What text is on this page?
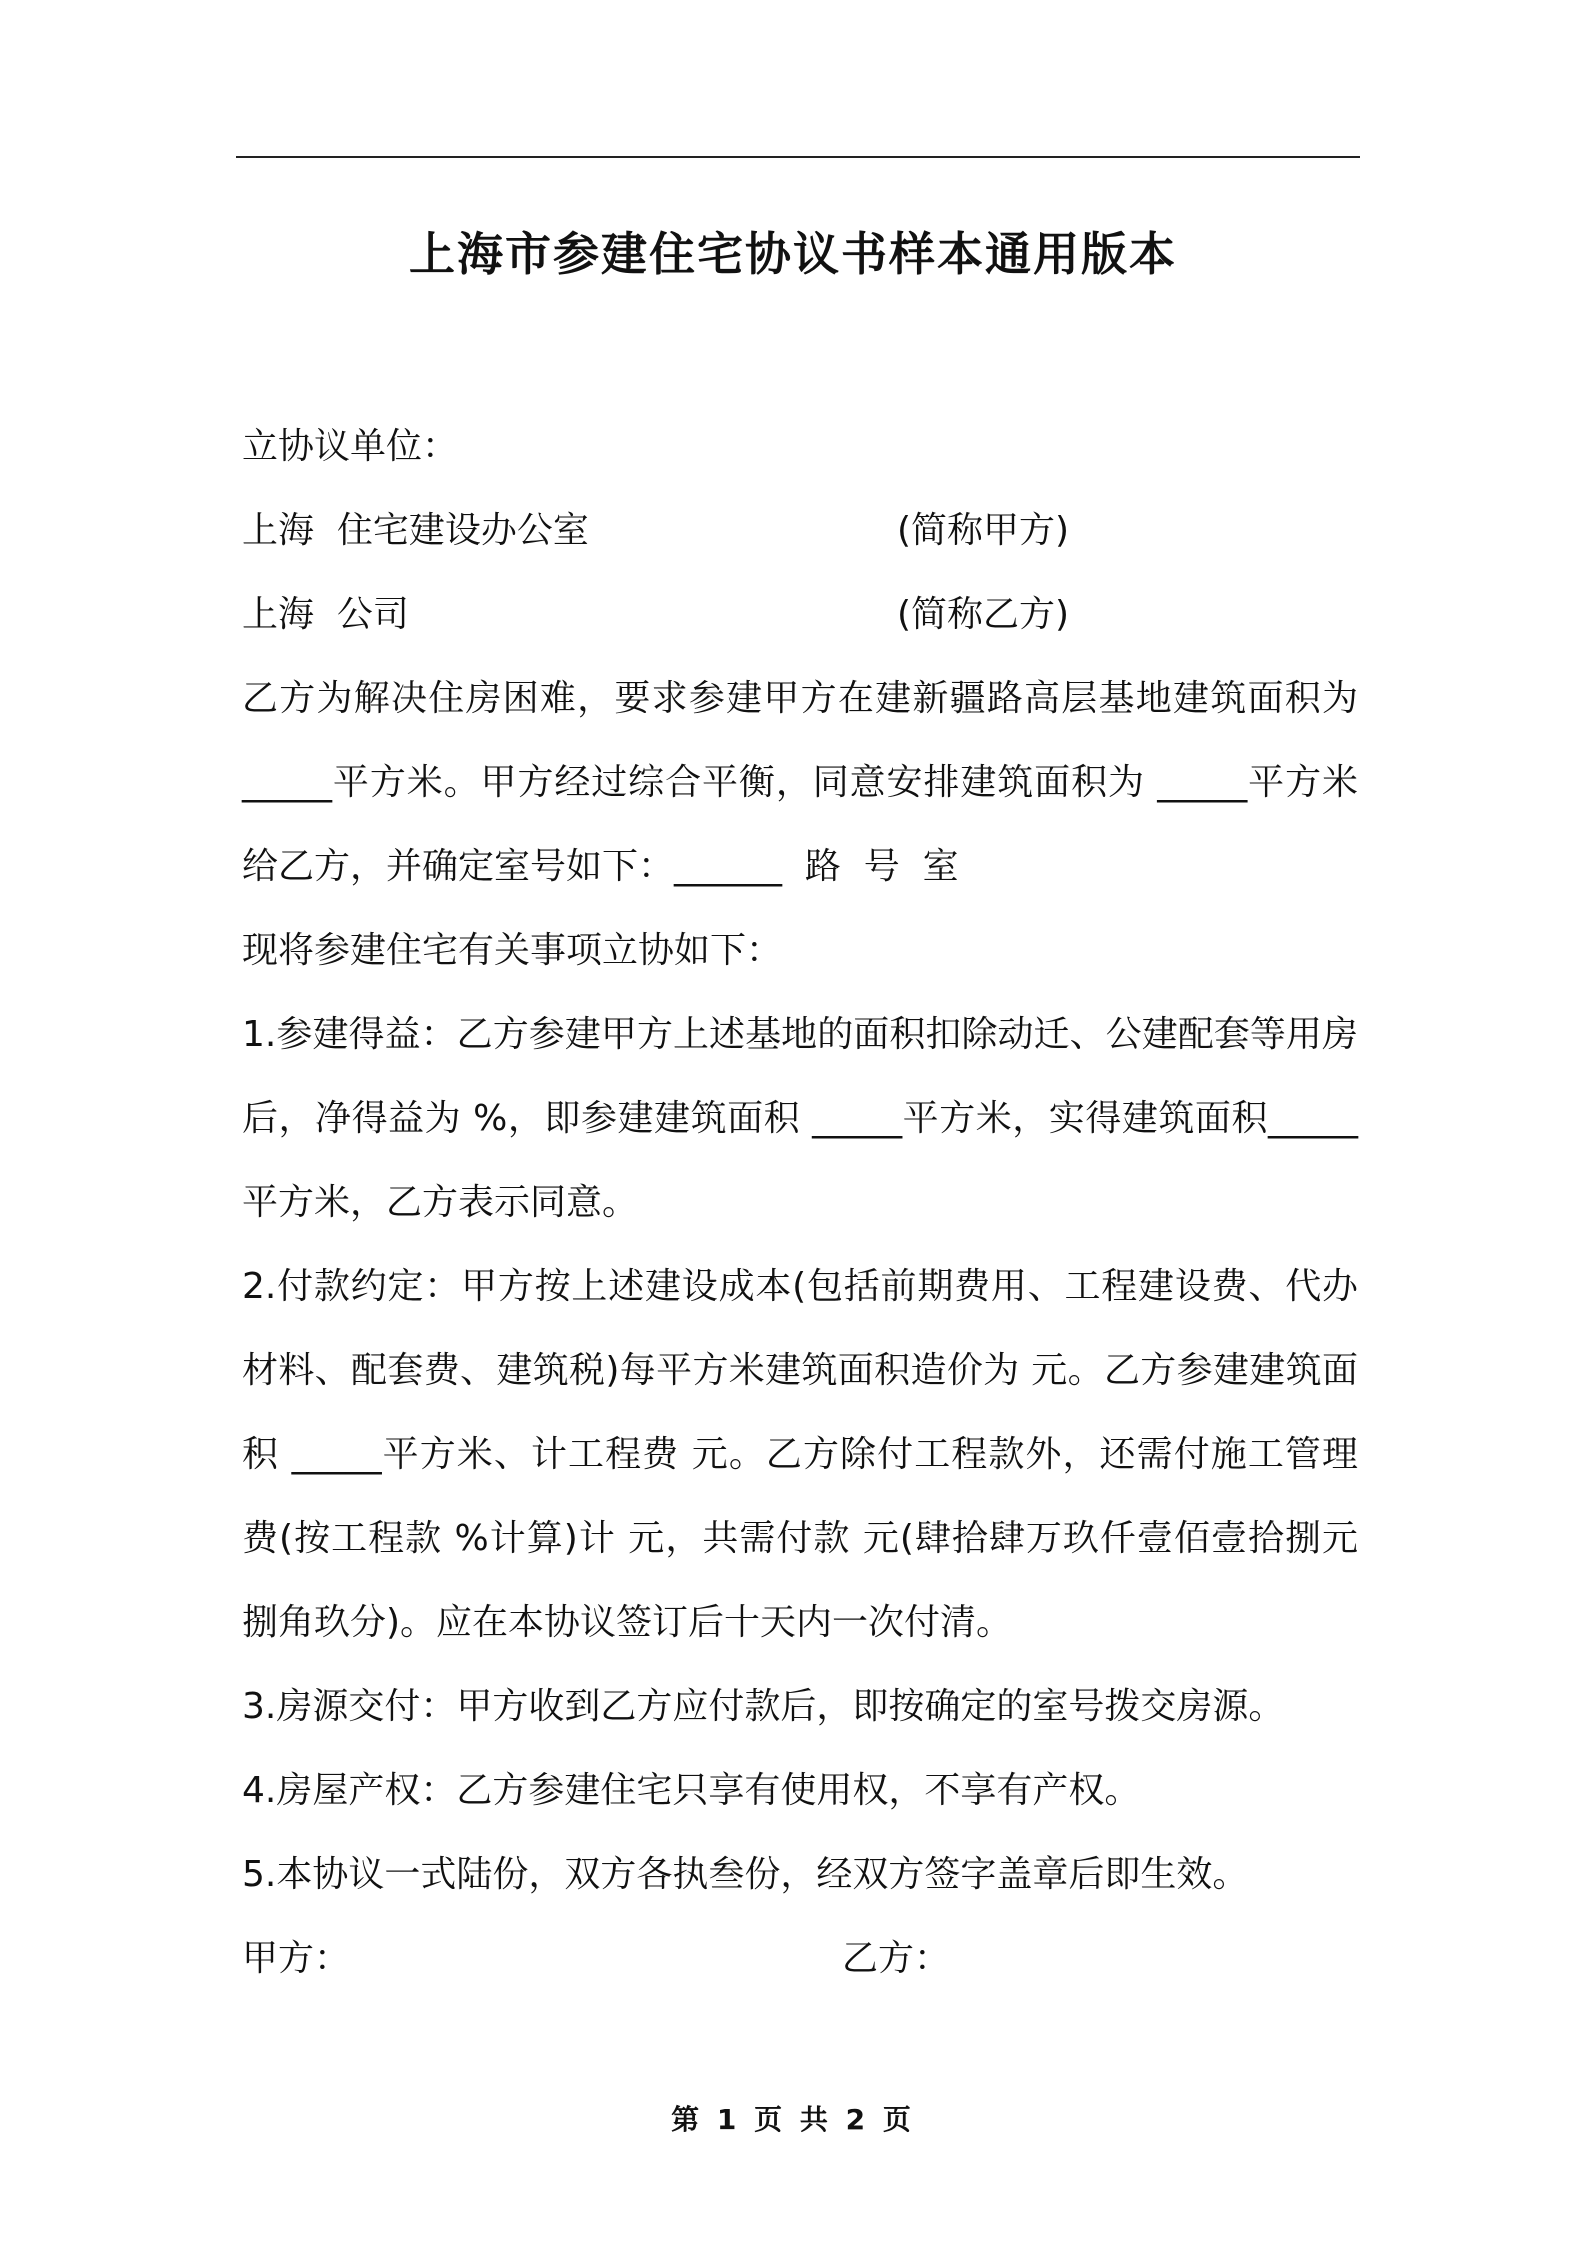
上海市参建住宅协议书样本通用版本
立协议单位：
上海  住宅建设办公室	(简称甲方)
上海  公司	(简称乙方)
乙方为解决住房困难，要求参建甲方在建新疆路高层基地建筑面积为_____平方米。甲方经过综合平衡，同意安排建筑面积为 _____平方米给乙方，并确定室号如下：______  路  号  室
现将参建住宅有关事项立协如下：
1.参建得益：乙方参建甲方上述基地的面积扣除动迁、公建配套等用房后，净得益为 %，即参建建筑面积 _____平方米，实得建筑面积_____平方米，乙方表示同意。
2.付款约定：甲方按上述建设成本(包括前期费用、工程建设费、代办材料、配套费、建筑税)每平方米建筑面积造价为 元。乙方参建建筑面积 _____平方米、计工程费 元。乙方除付工程款外，还需付施工管理费(按工程款 %计算)计 元，共需付款 元(肆拾肆万玖仟壹佰壹拾捌元捌角玖分)。应在本协议签订后十天内一次付清。
3.房源交付：甲方收到乙方应付款后，即按确定的室号拨交房源。
4.房屋产权：乙方参建住宅只享有使用权，不享有产权。
5.本协议一式陆份，双方各执叁份，经双方签字盖章后即生效。
甲方：	乙方：
第 1 页 共 2 页
